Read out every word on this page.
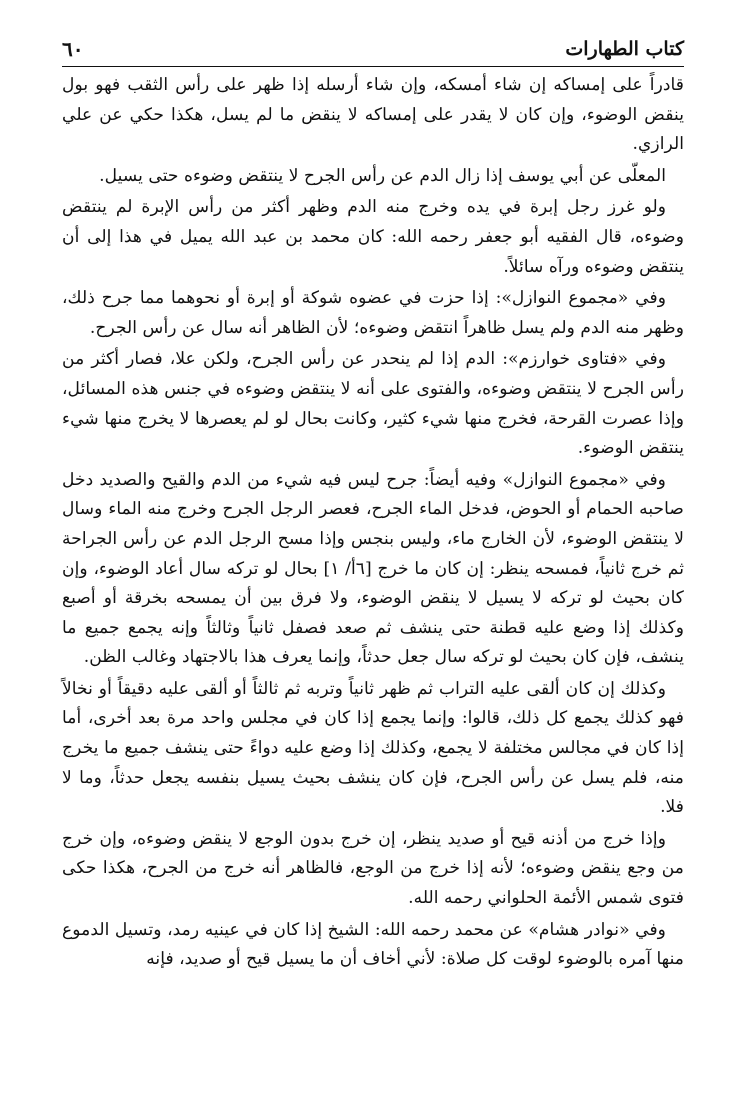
كتاب الطهارات
٦٠

قادراً على إمساكه إن شاء أمسكه، وإن شاء أرسله إذا ظهر على رأس الثقب فهو بول ينقض الوضوء، وإن كان لا يقدر على إمساكه لا ينقض ما لم يسل، هكذا حكي عن علي الرازي.

المعلّى عن أبي يوسف إذا زال الدم عن رأس الجرح لا ينتقض وضوءه حتى يسيل.

ولو غرز رجل إبرة في يده وخرج منه الدم وظهر أكثر من رأس الإبرة لم ينتقض وضوءه، قال الفقيه أبو جعفر رحمه الله: كان محمد بن عبد الله يميل في هذا إلى أن ينتقض وضوءه ورآه سائلاً.

وفي «مجموع النوازل»: إذا حزت في عضوه شوكة أو إبرة أو نحوهما مما جرح ذلك، وظهر منه الدم ولم يسل ظاهراً انتقض وضوءه؛ لأن الظاهر أنه سال عن رأس الجرح.

وفي «فتاوى خوارزم»: الدم إذا لم ينحدر عن رأس الجرح، ولكن علا، فصار أكثر من رأس الجرح لا ينتقض وضوءه، والفتوى على أنه لا ينتقض وضوءه في جنس هذه المسائل، وإذا عصرت القرحة، فخرج منها شيء كثير، وكانت بحال لو لم يعصرها لا يخرج منها شيء ينتقض الوضوء.

وفي «مجموع النوازل» وفيه أيضاً: جرح ليس فيه شيء من الدم والقيح والصديد دخل صاحبه الحمام أو الحوض، فدخل الماء الجرح، فعصر الرجل الجرح وخرج منه الماء وسال لا ينتقض الوضوء، لأن الخارج ماء، وليس بنجس وإذا مسح الرجل الدم عن رأس الجراحة ثم خرج ثانياً، فمسحه ينظر: إن كان ما خرج [٦أ/ ١] بحال لو تركه سال أعاد الوضوء، وإن كان بحيث لو تركه لا يسيل لا ينقض الوضوء، ولا فرق بين أن يمسحه بخرقة أو أصبع وكذلك إذا وضع عليه قطنة حتى ينشف ثم صعد فصفل ثانياً وثالثاً وإنه يجمع جميع ما ينشف، فإن كان بحيث لو تركه سال جعل حدثاً، وإنما يعرف هذا بالاجتهاد وغالب الظن.

وكذلك إن كان ألقى عليه التراب ثم ظهر ثانياً وتربه ثم ثالثاً أو ألقى عليه دقيقاً أو نخالاً فهو كذلك يجمع كل ذلك، قالوا: وإنما يجمع إذا كان في مجلس واحد مرة بعد أخرى، أما إذا كان في مجالس مختلفة لا يجمع، وكذلك إذا وضع عليه دواءً حتى ينشف جميع ما يخرج منه، فلم يسل عن رأس الجرح، فإن كان ينشف بحيث يسيل بنفسه يجعل حدثاً، وما لا فلا.

وإذا خرج من أذنه قيح أو صديد ينظر، إن خرج بدون الوجع لا ينقض وضوءه، وإن خرج من وجع ينقض وضوءه؛ لأنه إذا خرج من الوجع، فالظاهر أنه خرج من الجرح، هكذا حكى فتوى شمس الأئمة الحلواني رحمه الله.

وفي «نوادر هشام» عن محمد رحمه الله: الشيخ إذا كان في عينيه رمد، وتسيل الدموع منها آمره بالوضوء لوقت كل صلاة: لأني أخاف أن ما يسيل قيح أو صديد، فإنه
